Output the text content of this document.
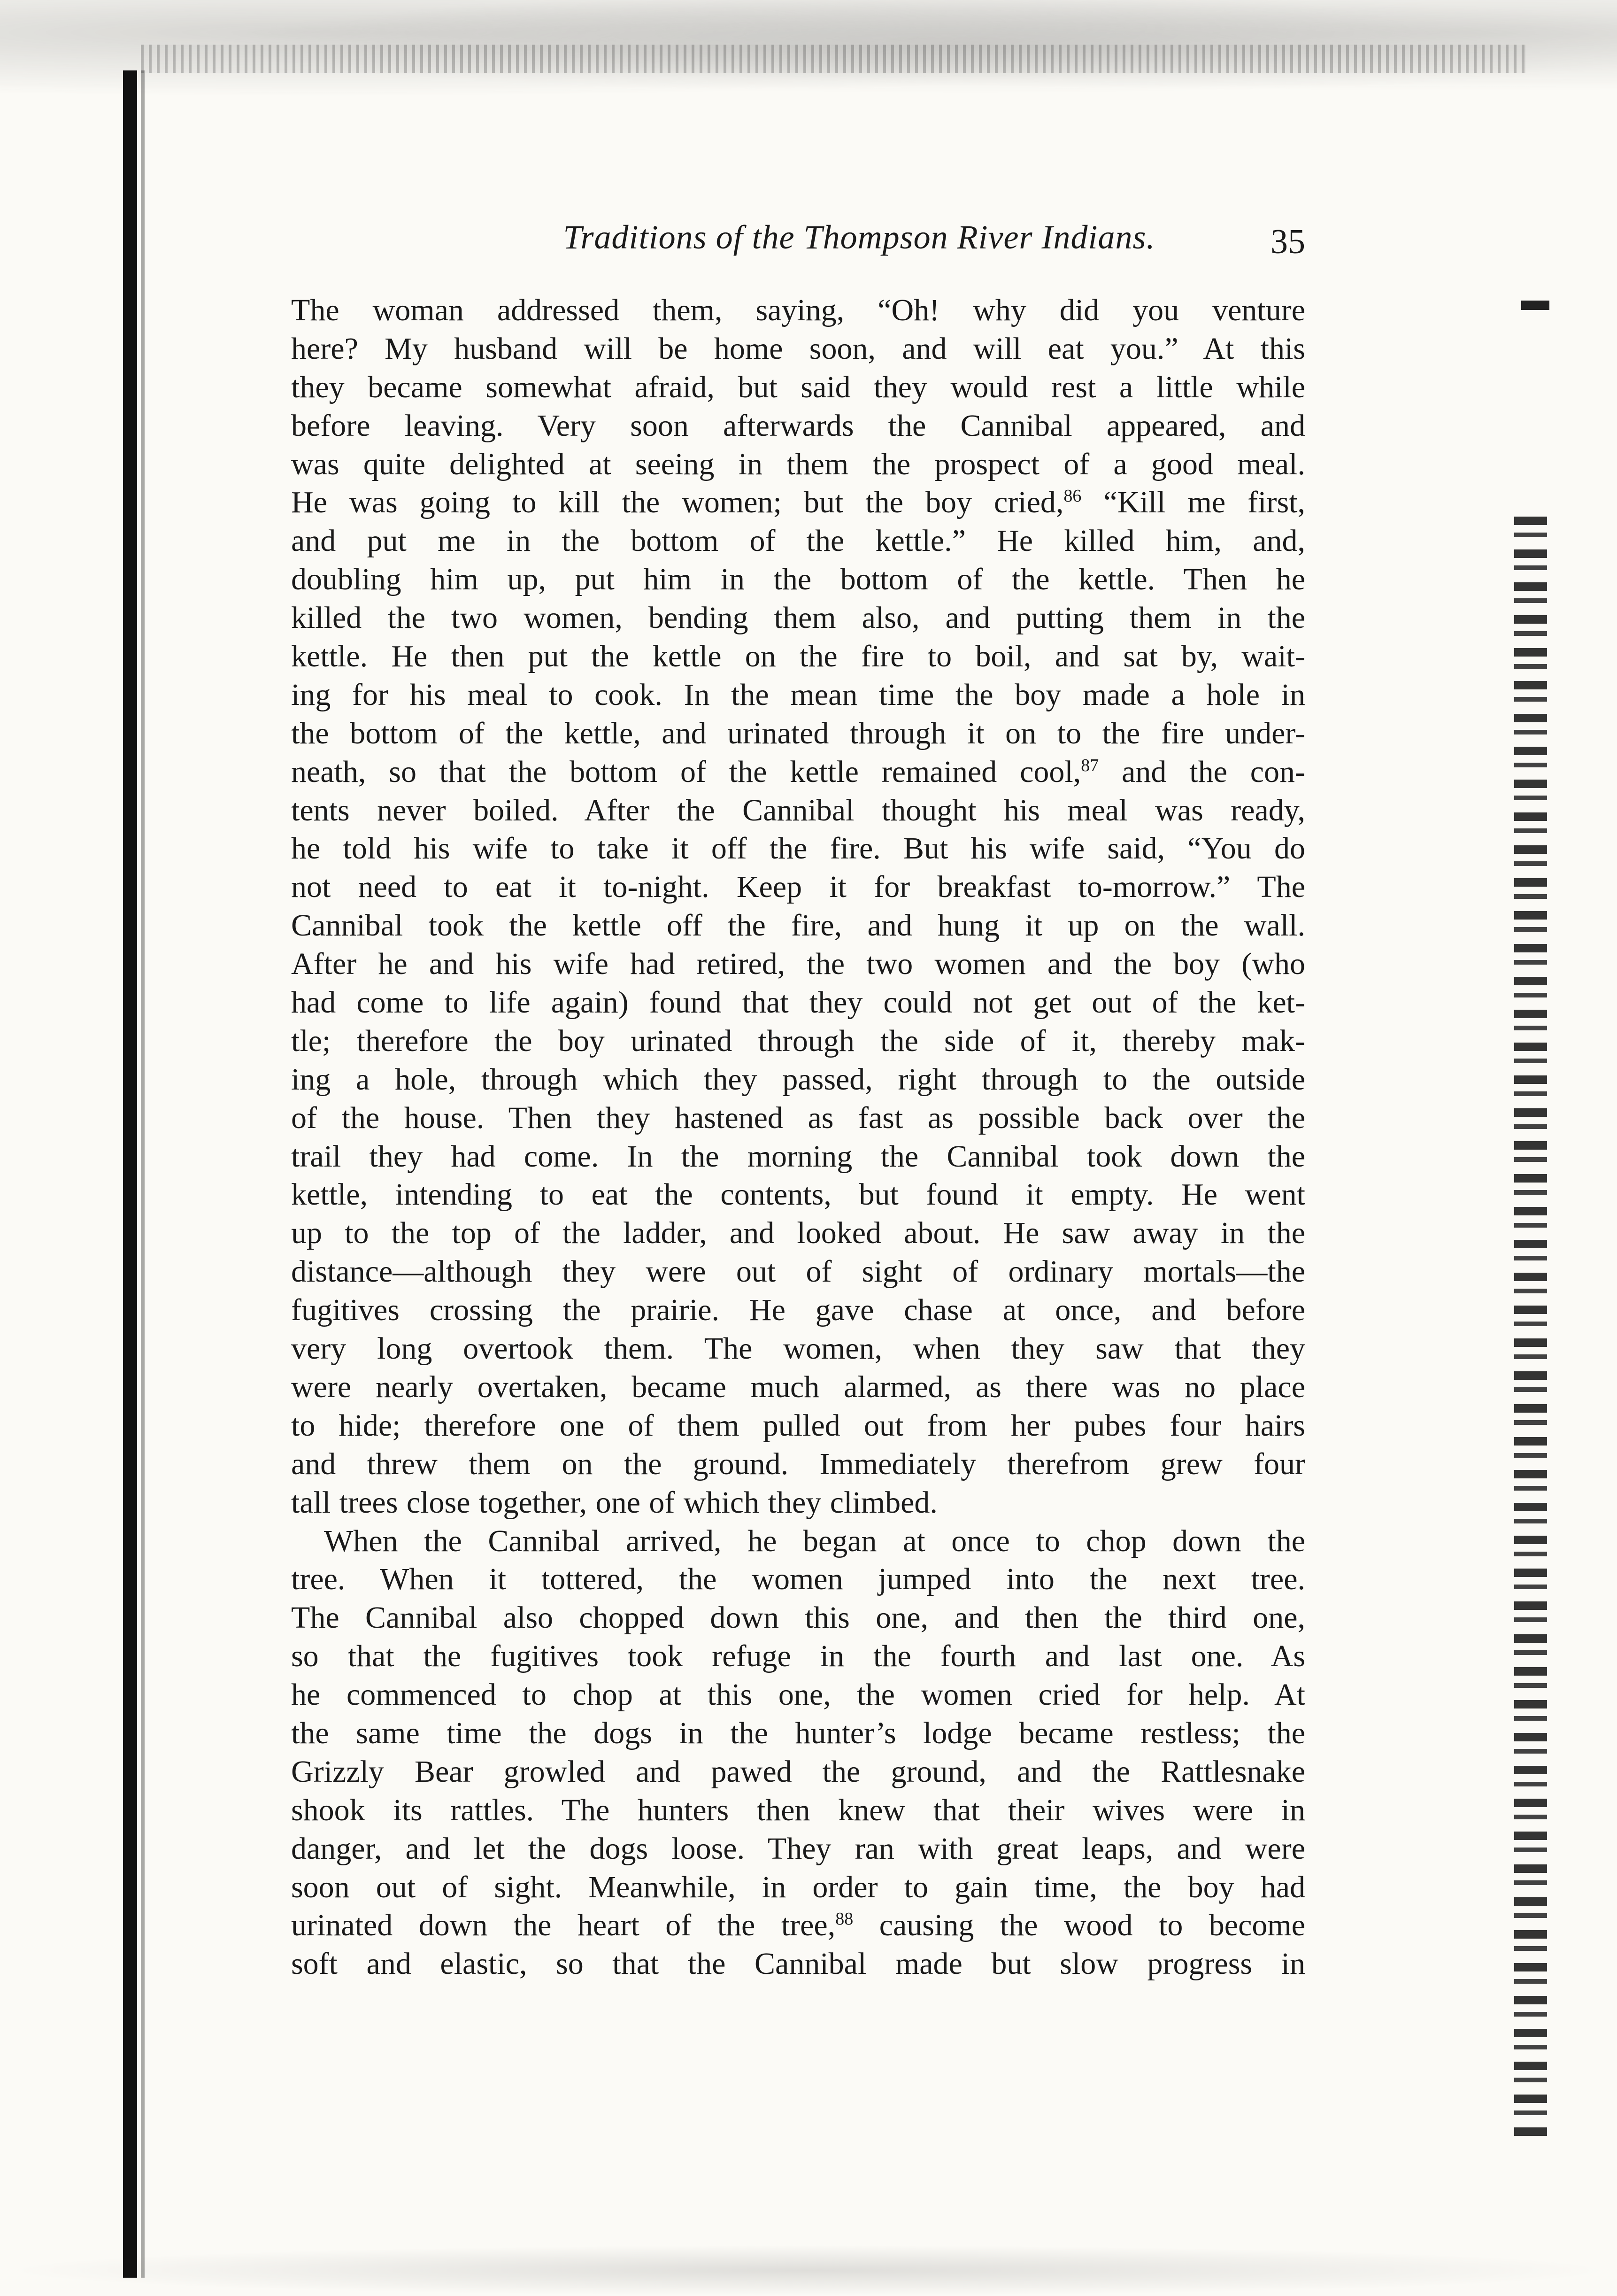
Traditions of the Thompson River Indians.	35
The woman addressed them, saying, “Oh! why did you venture
here? My husband will be home soon, and will eat you.” At this
they became somewhat afraid, but said they would rest a little while
before leaving. Very soon afterwards the Cannibal appeared, and
was quite delighted at seeing in them the prospect of a good meal.
He was going to kill the women; but the boy cried,$^{86}$ “Kill me first,
and put me in the bottom of the kettle.” He killed him, and,
doubling him up, put him in the bottom of the kettle. Then he
killed the two women, bending them also, and putting them in the
kettle. He then put the kettle on the fire to boil, and sat by, wait-
ing for his meal to cook. In the mean time the boy made a hole in
the bottom of the kettle, and urinated through it on to the fire under-
neath, so that the bottom of the kettle remained cool,$^{87}$ and the con-
tents never boiled. After the Cannibal thought his meal was ready,
he told his wife to take it off the fire. But his wife said, “You do
not need to eat it to-night. Keep it for breakfast to-morrow.” The
Cannibal took the kettle off the fire, and hung it up on the wall.
After he and his wife had retired, the two women and the boy (who
had come to life again) found that they could not get out of the ket-
tle; therefore the boy urinated through the side of it, thereby mak-
ing a hole, through which they passed, right through to the outside
of the house. Then they hastened as fast as possible back over the
trail they had come. In the morning the Cannibal took down the
kettle, intending to eat the contents, but found it empty. He went
up to the top of the ladder, and looked about. He saw away in the
distance—although they were out of sight of ordinary mortals—the
fugitives crossing the prairie. He gave chase at once, and before
very long overtook them. The women, when they saw that they
were nearly overtaken, became much alarmed, as there was no place
to hide; therefore one of them pulled out from her pubes four hairs
and threw them on the ground. Immediately therefrom grew four
tall trees close together, one of which they climbed.
When the Cannibal arrived, he began at once to chop down the
tree. When it tottered, the women jumped into the next tree.
The Cannibal also chopped down this one, and then the third one,
so that the fugitives took refuge in the fourth and last one. As
he commenced to chop at this one, the women cried for help. At
the same time the dogs in the hunter’s lodge became restless; the
Grizzly Bear growled and pawed the ground, and the Rattlesnake
shook its rattles. The hunters then knew that their wives were in
danger, and let the dogs loose. They ran with great leaps, and were
soon out of sight. Meanwhile, in order to gain time, the boy had
urinated down the heart of the tree,$^{88}$ causing the wood to become
soft and elastic, so that the Cannibal made but slow progress in
